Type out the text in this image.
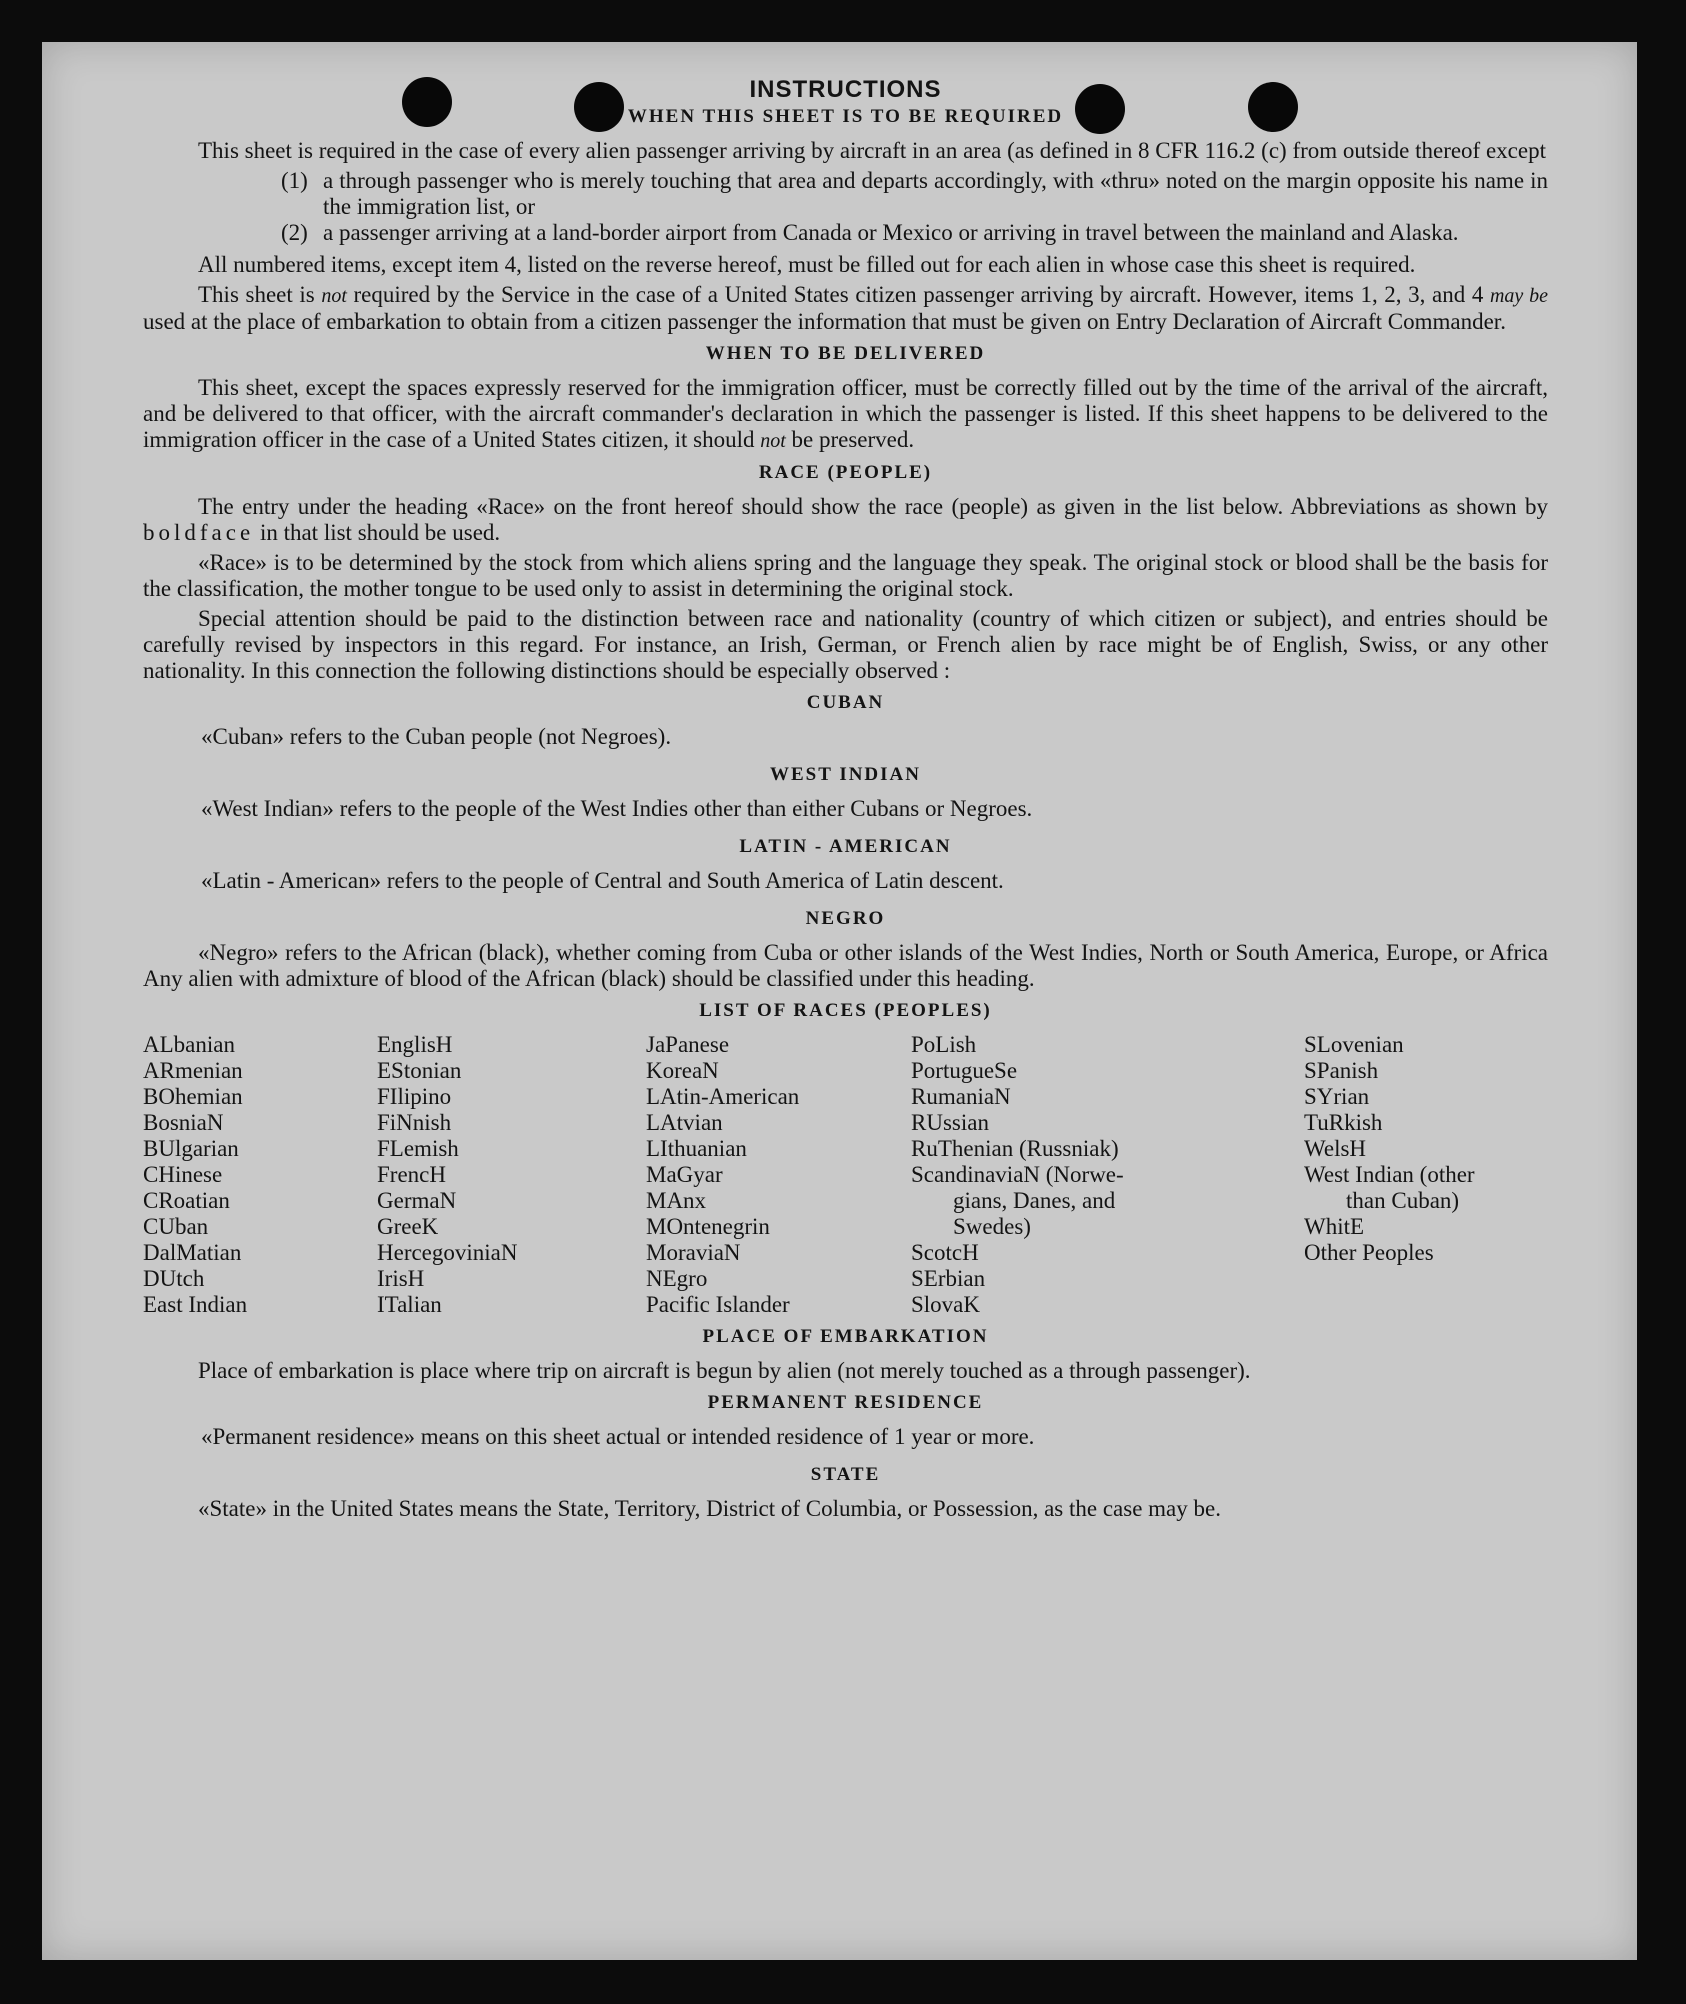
INSTRUCTIONS
WHEN THIS SHEET IS TO BE REQUIRED

This sheet is required in the case of every alien passenger arriving by aircraft in an area (as defined in 8 CFR 116.2 (c) from outside thereof except

(1) a through passenger who is merely touching that area and departs accordingly, with «thru» noted on the margin opposite his name in the immigration list, or
(2) a passenger arriving at a land-border airport from Canada or Mexico or arriving in travel between the mainland and Alaska.

All numbered items, except item 4, listed on the reverse hereof, must be filled out for each alien in whose case this sheet is required.

This sheet is not required by the Service in the case of a United States citizen passenger arriving by aircraft. However, items 1, 2, 3, and 4 may be used at the place of embarkation to obtain from a citizen passenger the information that must be given on Entry Declaration of Aircraft Commander.

WHEN TO BE DELIVERED

This sheet, except the spaces expressly reserved for the immigration officer, must be correctly filled out by the time of the arrival of the aircraft, and be delivered to that officer, with the aircraft commander's declaration in which the passenger is listed. If this sheet happens to be delivered to the immigration officer in the case of a United States citizen, it should not be preserved.

RACE (PEOPLE)

The entry under the heading «Race» on the front hereof should show the race (people) as given in the list below. Abbreviations as shown by boldface in that list should be used.

«Race» is to be determined by the stock from which aliens spring and the language they speak. The original stock or blood shall be the basis for the classification, the mother tongue to be used only to assist in determining the original stock.

Special attention should be paid to the distinction between race and nationality (country of which citizen or subject), and entries should be carefully revised by inspectors in this regard. For instance, an Irish, German, or French alien by race might be of English, Swiss, or any other nationality. In this connection the following distinctions should be especially observed :

CUBAN

«Cuban» refers to the Cuban people (not Negroes).

WEST INDIAN

«West Indian» refers to the people of the West Indies other than either Cubans or Negroes.

LATIN - AMERICAN

«Latin - American» refers to the people of Central and South America of Latin descent.

NEGRO

«Negro» refers to the African (black), whether coming from Cuba or other islands of the West Indies, North or South America, Europe, or Africa Any alien with admixture of blood of the African (black) should be classified under this heading.

LIST OF RACES (PEOPLES)
ALbanian
ARmenian
BOhemian
BosniaN
BUlgarian
CHinese
CRoatian
CUban
DalMatian
DUtch
East Indian
EnglisH
EStonian
FIlipino
FiNnish
FLemish
FrencH
GermaN
GreeK
HercegoviniaN
IrisH
ITalian
JaPanese
KoreaN
LAtin-American
LAtvian
LIthuanian
MaGyar
MAnx
MOntenegrin
MoraviaN
NEgro
Pacific Islander
PoLish
PortugueSe
RumaniaN
RUssian
RuThenian (Russniak)
ScandinaviaN (Norwe-
gians, Danes, and
Swedes)
ScotcH
SErbian
SlovaK
SLovenian
SPanish
SYrian
TuRkish
WelsH
West Indian (other
than Cuban)
WhitE
Other Peoples
PLACE OF EMBARKATION

Place of embarkation is place where trip on aircraft is begun by alien (not merely touched as a through passenger).

PERMANENT RESIDENCE

«Permanent residence» means on this sheet actual or intended residence of 1 year or more.

STATE

«State» in the United States means the State, Territory, District of Columbia, or Possession, as the case may be.
